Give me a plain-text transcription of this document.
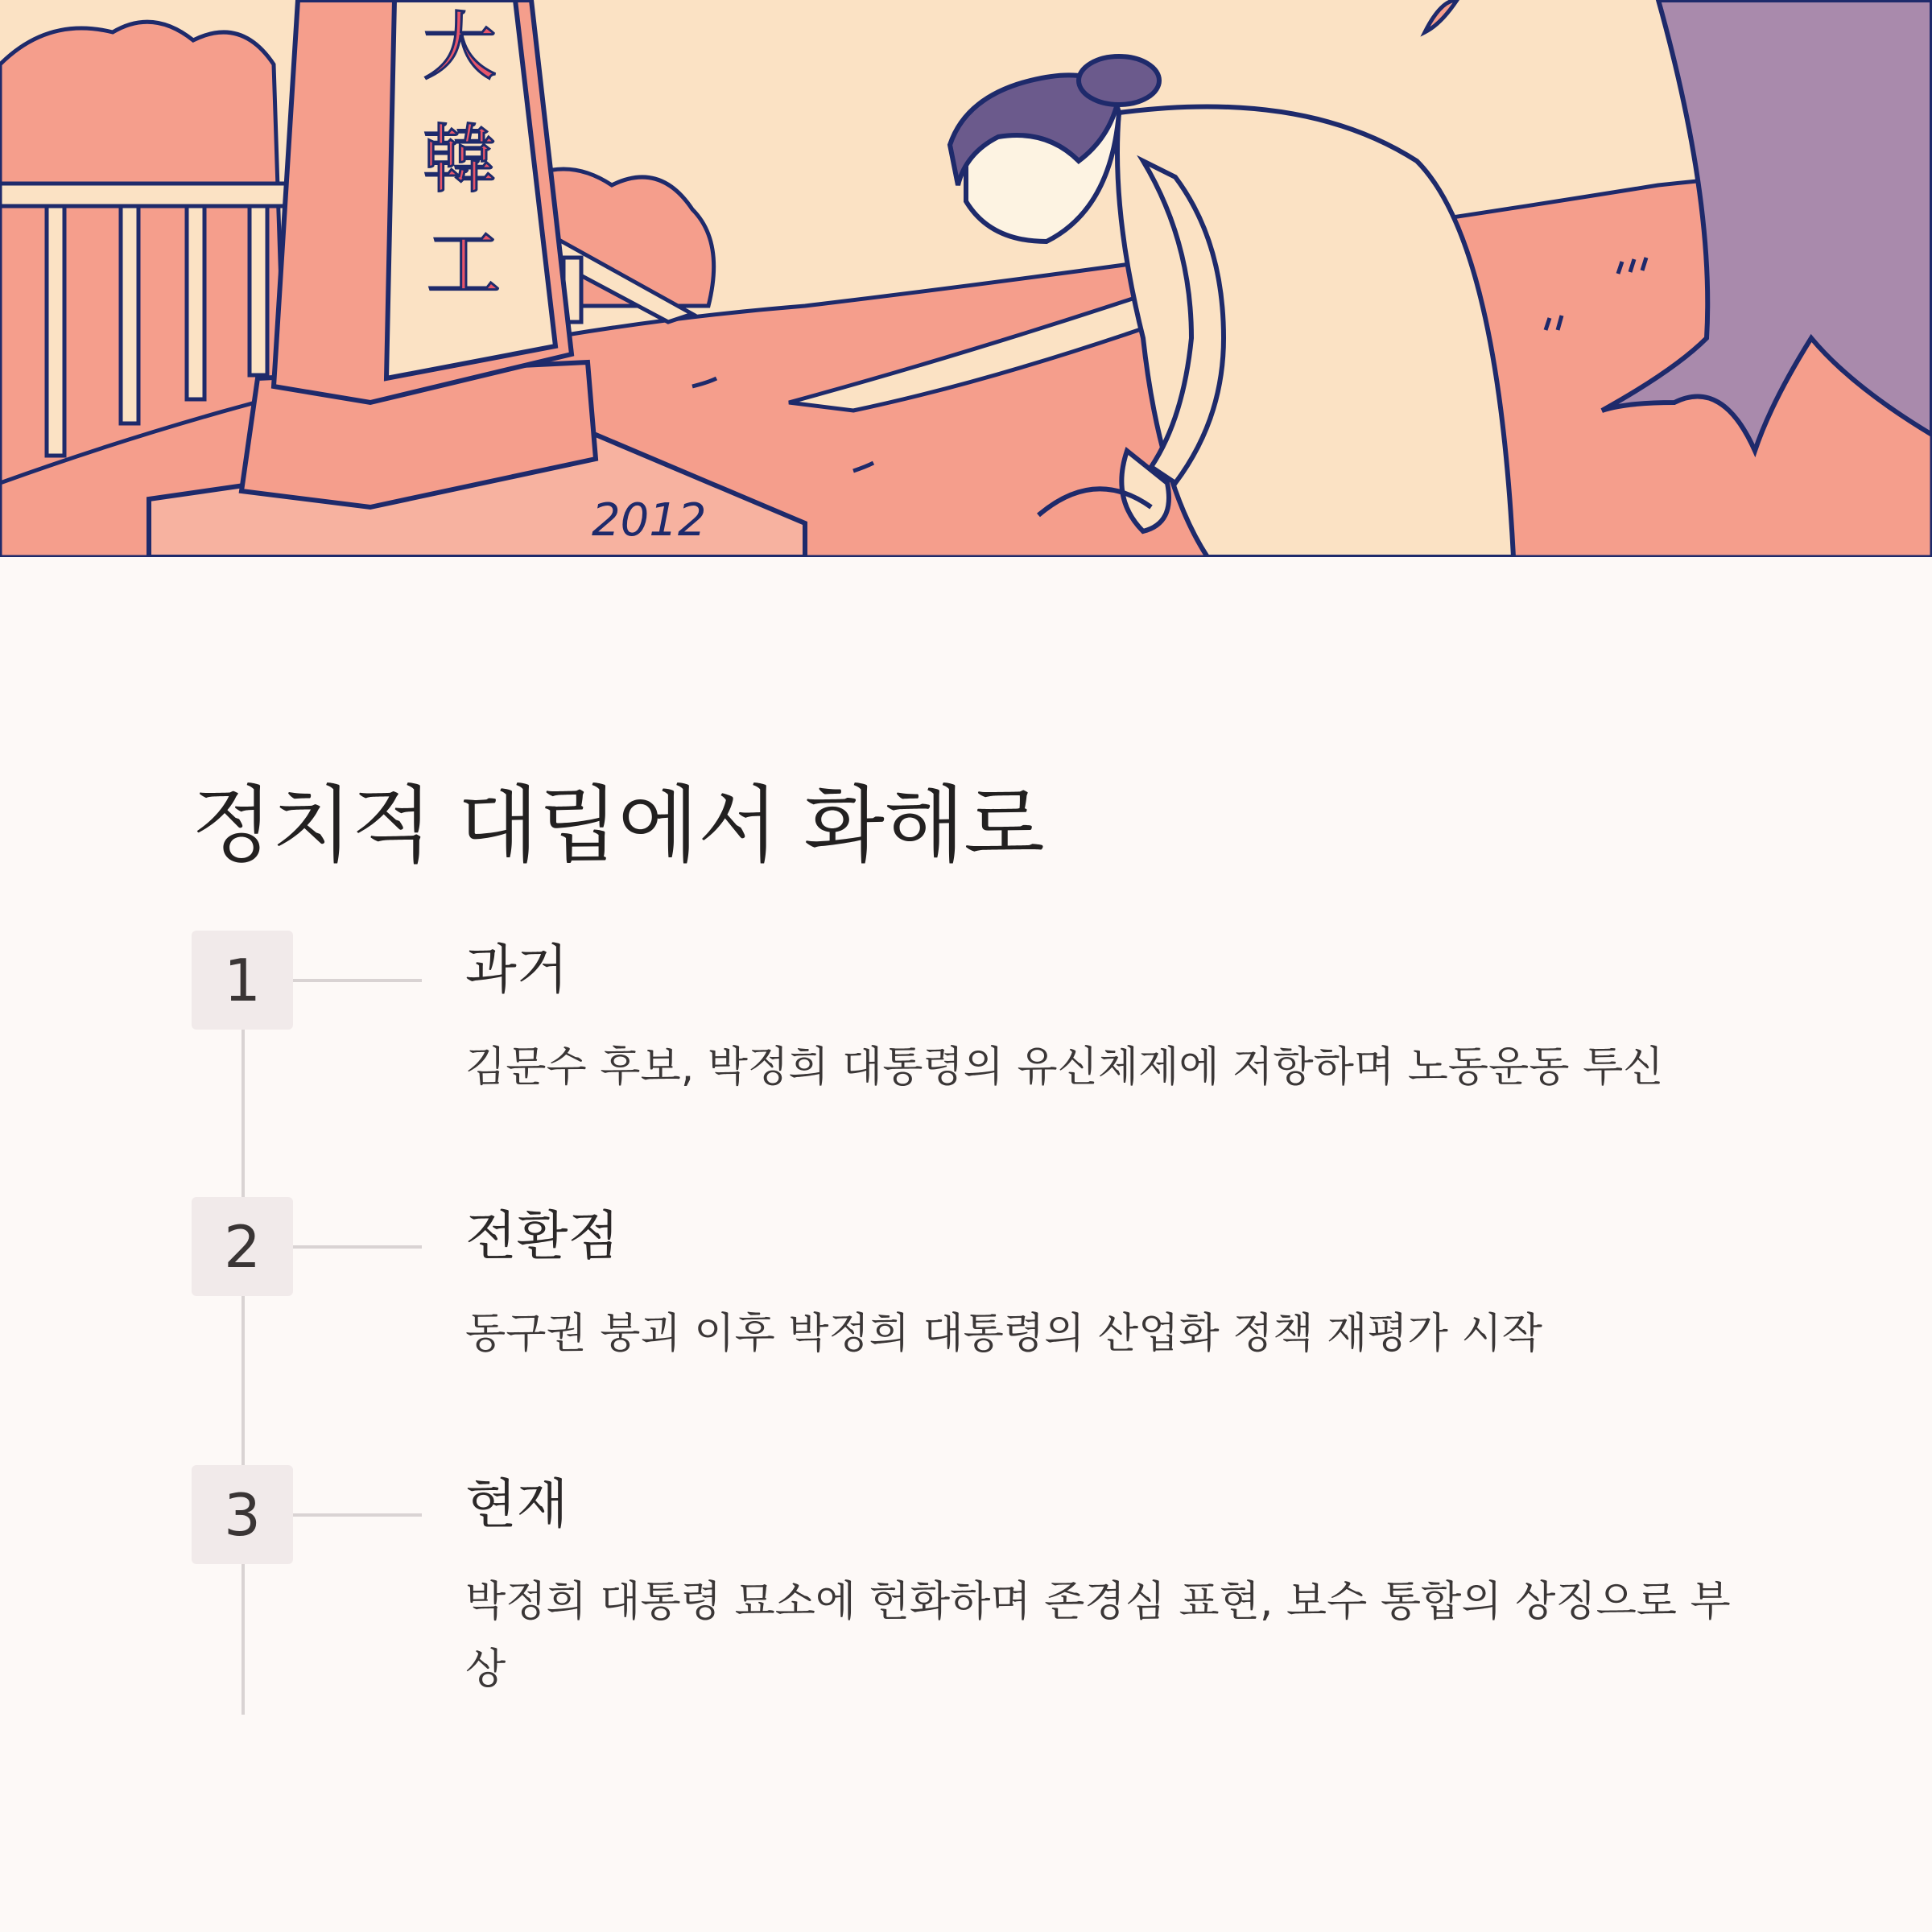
大
韓
工
2012
정치적 대립에서 화해로
1	과거
김문수 후보, 박정희 대통령의 유신체제에 저항하며 노동운동 투신
2	전환점
동구권 붕괴 이후 박정희 대통령의 산업화 정책 재평가 시작
3	현재
박정희 대통령 묘소에 헌화하며 존경심 표현, 보수 통합의 상징으로 부상
